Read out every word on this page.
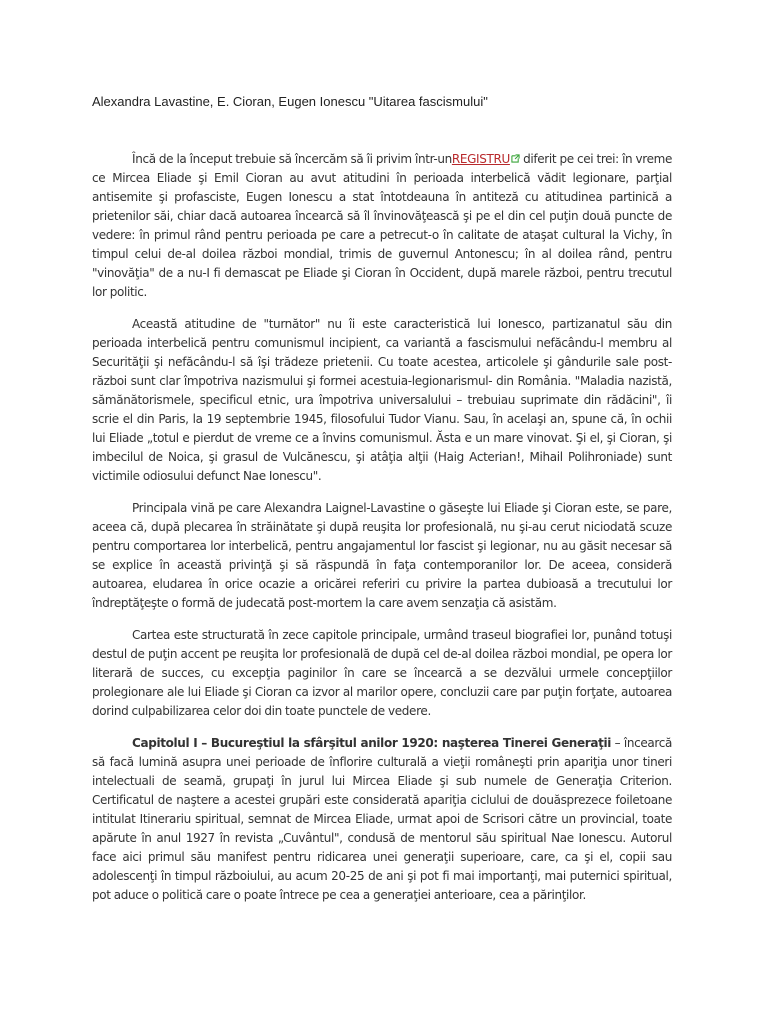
Alexandra Lavastine, E. Cioran, Eugen Ionescu "Uitarea fascismului"

Încă de la început trebuie să încercăm să îi privim într-unREGISTRU diferit pe cei trei: în vreme ce Mircea Eliade şi Emil Cioran au avut atitudini în perioada interbelică vădit legionare, parţial antisemite şi profasciste, Eugen Ionescu a stat întotdeauna în antiteză cu atitudinea partinică a prietenilor săi, chiar dacă autoarea încearcă să îl învinovăţească şi pe el din cel puţin două puncte de vedere: în primul rând pentru perioada pe care a petrecut-o în calitate de ataşat cultural la Vichy, în timpul celui de-al doilea război mondial, trimis de guvernul Antonescu; în al doilea rând, pentru "vinovăţia" de a nu-I fi demascat pe Eliade şi Cioran în Occident, după marele război, pentru trecutul lor politic.

Această atitudine de "turnător" nu îi este caracteristică lui Ionesco, partizanatul său din perioada interbelică pentru comunismul incipient, ca variantă a fascismului nefăcându-l membru al Securităţii şi nefăcându-l să îşi trădeze prietenii. Cu toate acestea, articolele şi gândurile sale post-război sunt clar împotriva nazismului şi formei acestuia-legionarismul- din România. "Maladia nazistă, sămănătorismele, specificul etnic, ura împotriva universalului – trebuiau suprimate din rădăcini", îi scrie el din Paris, la 19 septembrie 1945, filosofului Tudor Vianu. Sau, în acelaşi an, spune că, în ochii lui Eliade „totul e pierdut de vreme ce a învins comunismul. Ăsta e un mare vinovat. Şi el, şi Cioran, şi imbecilul de Noica, şi grasul de Vulcănescu, şi atâţia alţii (Haig Acterian!, Mihail Polihroniade) sunt victimile odiosului defunct Nae Ionescu".

Principala vină pe care Alexandra Laignel-Lavastine o găseşte lui Eliade şi Cioran este, se pare, aceea că, după plecarea în străinătate şi după reuşita lor profesională, nu şi-au cerut niciodată scuze pentru comportarea lor interbelică, pentru angajamentul lor fascist şi legionar, nu au găsit necesar să se explice în această privinţă şi să răspundă în faţa contemporanilor lor. De aceea, consideră autoarea, eludarea în orice ocazie a oricărei referiri cu privire la partea dubioasă a trecutului lor îndreptăţeşte o formă de judecată post-mortem la care avem senzaţia că asistăm.

Cartea este structurată în zece capitole principale, urmând traseul biografiei lor, punând totuşi destul de puţin accent pe reuşita lor profesională de după cel de-al doilea război mondial, pe opera lor literară de succes, cu excepţia paginilor în care se încearcă a se dezvălui urmele concepţiilor prolegionare ale lui Eliade şi Cioran ca izvor al marilor opere, concluzii care par puţin forţate, autoarea dorind culpabilizarea celor doi din toate punctele de vedere.

Capitolul I – Bucureştiul la sfârşitul anilor 1920: naşterea Tinerei Generaţii – încearcă să facă lumină asupra unei perioade de înflorire culturală a vieţii româneşti prin apariţia unor tineri intelectuali de seamă, grupaţi în jurul lui Mircea Eliade şi sub numele de Generaţia Criterion. Certificatul de naştere a acestei grupări este considerată apariţia ciclului de douăsprezece foiletoane intitulat Itinerariu spiritual, semnat de Mircea Eliade, urmat apoi de Scrisori către un provincial, toate apărute în anul 1927 în revista „Cuvântul", condusă de mentorul său spiritual Nae Ionescu. Autorul face aici primul său manifest pentru ridicarea unei generaţii superioare, care, ca şi el, copii sau adolescenţi în timpul războiului, au acum 20-25 de ani şi pot fi mai importanţi, mai puternici spiritual, pot aduce o politică care o poate întrece pe cea a generaţiei anterioare, cea a părinţilor.
